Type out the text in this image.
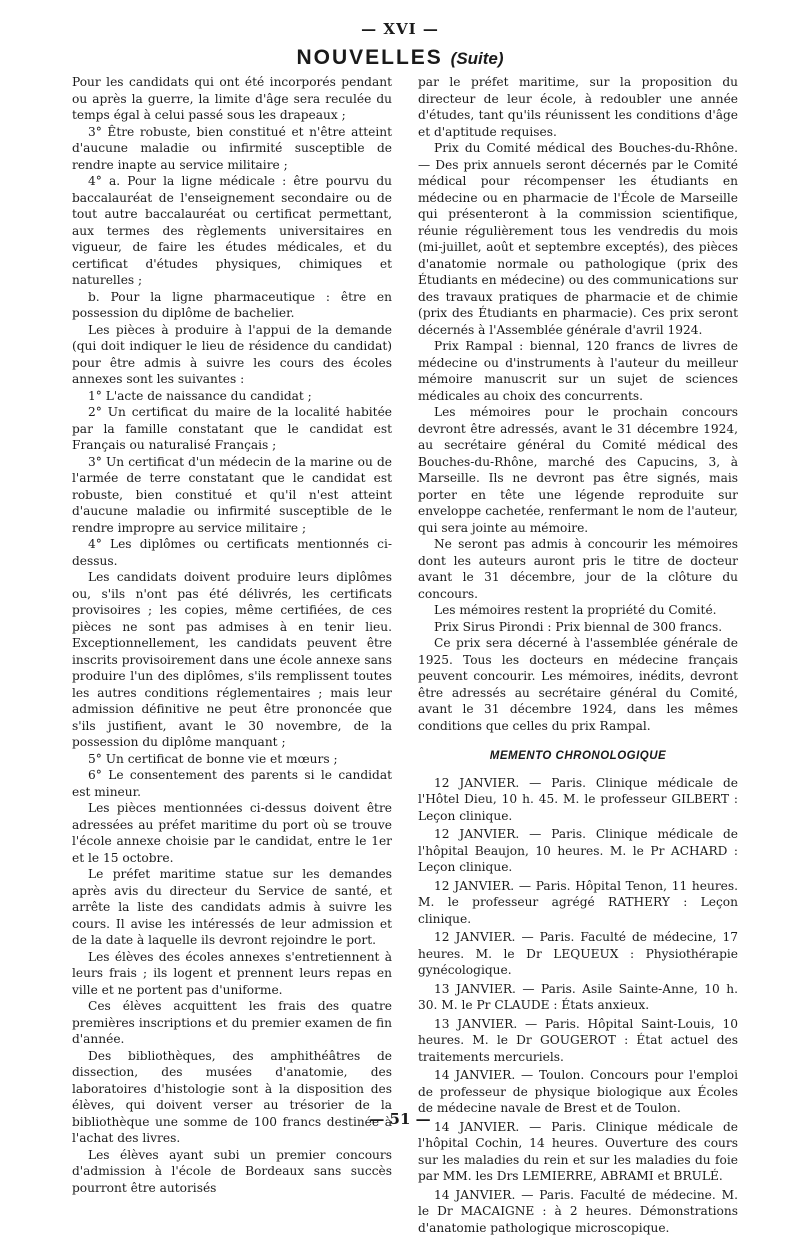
— XVI —
NOUVELLES (Suite)

Pour les candidats qui ont été incorporés pendant ou après la guerre, la limite d'âge sera reculée du temps égal à celui passé sous les drapeaux ;

3° Être robuste, bien constitué et n'être atteint d'aucune maladie ou infirmité susceptible de rendre inapte au service militaire ;

4° a. Pour la ligne médicale : être pourvu du baccalauréat de l'enseignement secondaire ou de tout autre baccalauréat ou certificat permettant, aux termes des règlements universitaires en vigueur, de faire les études médicales, et du certificat d'études physiques, chimiques et naturelles ;

b. Pour la ligne pharmaceutique : être en possession du diplôme de bachelier.

Les pièces à produire à l'appui de la demande (qui doit indiquer le lieu de résidence du candidat) pour être admis à suivre les cours des écoles annexes sont les suivantes :

1° L'acte de naissance du candidat ;

2° Un certificat du maire de la localité habitée par la famille constatant que le candidat est Français ou naturalisé Français ;

3° Un certificat d'un médecin de la marine ou de l'armée de terre constatant que le candidat est robuste, bien constitué et qu'il n'est atteint d'aucune maladie ou infirmité susceptible de le rendre impropre au service militaire ;

4° Les diplômes ou certificats mentionnés ci-dessus.

Les candidats doivent produire leurs diplômes ou, s'ils n'ont pas été délivrés, les certificats provisoires ; les copies, même certifiées, de ces pièces ne sont pas admises à en tenir lieu. Exceptionnellement, les candidats peuvent être inscrits provisoirement dans une école annexe sans produire l'un des diplômes, s'ils remplissent toutes les autres conditions réglementaires ; mais leur admission définitive ne peut être prononcée que s'ils justifient, avant le 30 novembre, de la possession du diplôme manquant ;

5° Un certificat de bonne vie et mœurs ;

6° Le consentement des parents si le candidat est mineur.

Les pièces mentionnées ci-dessus doivent être adressées au préfet maritime du port où se trouve l'école annexe choisie par le candidat, entre le 1er et le 15 octobre.

Le préfet maritime statue sur les demandes après avis du directeur du Service de santé, et arrête la liste des candidats admis à suivre les cours. Il avise les intéressés de leur admission et de la date à laquelle ils devront rejoindre le port.

Les élèves des écoles annexes s'entretiennent à leurs frais ; ils logent et prennent leurs repas en ville et ne portent pas d'uniforme.

Ces élèves acquittent les frais des quatre premières inscriptions et du premier examen de fin d'année.

Des bibliothèques, des amphithéâtres de dissection, des musées d'anatomie, des laboratoires d'histologie sont à la disposition des élèves, qui doivent verser au trésorier de la bibliothèque une somme de 100 francs destinée à l'achat des livres.

Les élèves ayant subi un premier concours d'admission à l'école de Bordeaux sans succès pourront être autorisés

par le préfet maritime, sur la proposition du directeur de leur école, à redoubler une année d'études, tant qu'ils réunissent les conditions d'âge et d'aptitude requises.

Prix du Comité médical des Bouches-du-Rhône. — Des prix annuels seront décernés par le Comité médical pour récompenser les étudiants en médecine ou en pharmacie de l'École de Marseille qui présenteront à la commission scientifique, réunie régulièrement tous les vendredis du mois (mi-juillet, août et septembre exceptés), des pièces d'anatomie normale ou pathologique (prix des Étudiants en médecine) ou des communications sur des travaux pratiques de pharmacie et de chimie (prix des Étudiants en pharmacie). Ces prix seront décernés à l'Assemblée générale d'avril 1924.

Prix Rampal : biennal, 120 francs de livres de médecine ou d'instruments à l'auteur du meilleur mémoire manuscrit sur un sujet de sciences médicales au choix des concurrents.

Les mémoires pour le prochain concours devront être adressés, avant le 31 décembre 1924, au secrétaire général du Comité médical des Bouches-du-Rhône, marché des Capucins, 3, à Marseille. Ils ne devront pas être signés, mais porter en tête une légende reproduite sur enveloppe cachetée, renfermant le nom de l'auteur, qui sera jointe au mémoire.

Ne seront pas admis à concourir les mémoires dont les auteurs auront pris le titre de docteur avant le 31 décembre, jour de la clôture du concours.

Les mémoires restent la propriété du Comité.

Prix Sirus Pirondi : Prix biennal de 300 francs.

Ce prix sera décerné à l'assemblée générale de 1925. Tous les docteurs en médecine français peuvent concourir. Les mémoires, inédits, devront être adressés au secrétaire général du Comité, avant le 31 décembre 1924, dans les mêmes conditions que celles du prix Rampal.

MEMENTO CHRONOLOGIQUE

12 JANVIER. — Paris. Clinique médicale de l'Hôtel Dieu, 10 h. 45. M. le professeur GILBERT : Leçon clinique.

12 JANVIER. — Paris. Clinique médicale de l'hôpital Beaujon, 10 heures. M. le Pr ACHARD : Leçon clinique.

12 JANVIER. — Paris. Hôpital Tenon, 11 heures. M. le professeur agrégé RATHERY : Leçon clinique.

12 JANVIER. — Paris. Faculté de médecine, 17 heures. M. le Dr LEQUEUX : Physiothérapie gynécologique.

13 JANVIER. — Paris. Asile Sainte-Anne, 10 h. 30. M. le Pr CLAUDE : États anxieux.

13 JANVIER. — Paris. Hôpital Saint-Louis, 10 heures. M. le Dr GOUGEROT : État actuel des traitements mercuriels.

14 JANVIER. — Toulon. Concours pour l'emploi de professeur de physique biologique aux Écoles de médecine navale de Brest et de Toulon.

14 JANVIER. — Paris. Clinique médicale de l'hôpital Cochin, 14 heures. Ouverture des cours sur les maladies du rein et sur les maladies du foie par MM. les Drs LEMIERRE, ABRAMI et BRULÉ.

14 JANVIER. — Paris. Faculté de médecine. M. le Dr MACAIGNE : à 2 heures. Démonstrations d'anatomie pathologique microscopique.

— 51 —
